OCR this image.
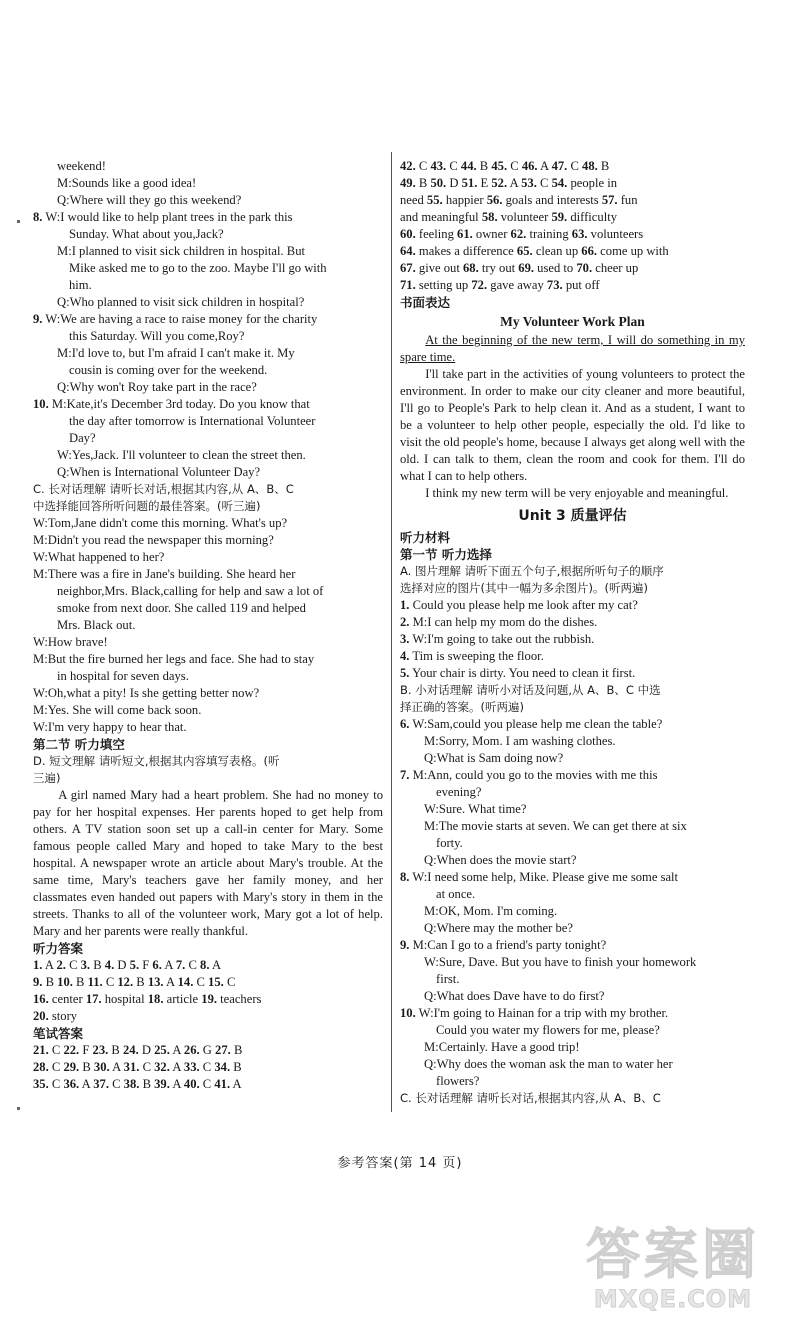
weekend!
M:Sounds like a good idea!
Q:Where will they go this weekend?
8. W:I would like to help plant trees in the park this
Sunday. What about you,Jack?
M:I planned to visit sick children in hospital. But
Mike asked me to go to the zoo. Maybe I'll go with
him.
Q:Who planned to visit sick children in hospital?
9. W:We are having a race to raise money for the charity
this Saturday. Will you come,Roy?
M:I'd love to, but I'm afraid I can't make it. My
cousin is coming over for the weekend.
Q:Why won't Roy take part in the race?
10. M:Kate,it's December 3rd today. Do you know that
the day after tomorrow is International Volunteer
Day?
W:Yes,Jack. I'll volunteer to clean the street then.
Q:When is International Volunteer Day?
C. 长对话理解 请听长对话,根据其内容,从 A、B、C
中选择能回答所听问题的最佳答案。(听三遍)
W:Tom,Jane didn't come this morning. What's up?
M:Didn't you read the newspaper this morning?
W:What happened to her?
M:There was a fire in Jane's building. She heard her
neighbor,Mrs. Black,calling for help and saw a lot of
smoke from next door. She called 119 and helped
Mrs. Black out.
W:How brave!
M:But the fire burned her legs and face. She had to stay
in hospital for seven days.
W:Oh,what a pity! Is she getting better now?
M:Yes. She will come back soon.
W:I'm very happy to hear that.
第二节 听力填空
D. 短文理解 请听短文,根据其内容填写表格。(听
三遍)
A girl named Mary had a heart problem. She had no money to pay for her hospital expenses. Her parents hoped to get help from others. A TV station soon set up a call-in center for Mary. Some famous people called Mary and hoped to take Mary to the best hospital. A newspaper wrote an article about Mary's trouble. At the same time, Mary's teachers gave her family money, and her classmates even handed out papers with Mary's story in them in the streets. Thanks to all of the volunteer work, Mary got a lot of help. Mary and her parents were really thankful.
听力答案
1. A 2. C 3. B 4. D 5. F 6. A 7. C 8. A
9. B 10. B 11. C 12. B 13. A 14. C 15. C
16. center 17. hospital 18. article 19. teachers
20. story
笔试答案
21. C 22. F 23. B 24. D 25. A 26. G 27. B
28. C 29. B 30. A 31. C 32. A 33. C 34. B
35. C 36. A 37. C 38. B 39. A 40. C 41. A
42. C 43. C 44. B 45. C 46. A 47. C 48. B
49. B 50. D 51. E 52. A 53. C 54. people in
need 55. happier 56. goals and interests 57. fun
and meaningful 58. volunteer 59. difficulty
60. feeling 61. owner 62. training 63. volunteers
64. makes a difference 65. clean up 66. come up with
67. give out 68. try out 69. used to 70. cheer up
71. setting up 72. gave away 73. put off
书面表达
My Volunteer Work Plan
At the beginning of the new term, I will do something in my spare time.
I'll take part in the activities of young volunteers to protect the environment. In order to make our city cleaner and more beautiful, I'll go to People's Park to help clean it. And as a student, I want to be a volunteer to help other people, especially the old. I'd like to visit the old people's home, because I always get along well with the old. I can talk to them, clean the room and cook for them. I'll do what I can to help others.
I think my new term will be very enjoyable and meaningful.
Unit 3 质量评估
听力材料
第一节 听力选择
A. 图片理解 请听下面五个句子,根据所听句子的顺序
选择对应的图片(其中一幅为多余图片)。(听两遍)
1. Could you please help me look after my cat?
2. M:I can help my mom do the dishes.
3. W:I'm going to take out the rubbish.
4. Tim is sweeping the floor.
5. Your chair is dirty. You need to clean it first.
B. 小对话理解 请听小对话及问题,从 A、B、C 中选
择正确的答案。(听两遍)
6. W:Sam,could you please help me clean the table?
M:Sorry, Mom. I am washing clothes.
Q:What is Sam doing now?
7. M:Ann, could you go to the movies with me this
evening?
W:Sure. What time?
M:The movie starts at seven. We can get there at six
forty.
Q:When does the movie start?
8. W:I need some help, Mike. Please give me some salt
at once.
M:OK, Mom. I'm coming.
Q:Where may the mother be?
9. M:Can I go to a friend's party tonight?
W:Sure, Dave. But you have to finish your homework
first.
Q:What does Dave have to do first?
10. W:I'm going to Hainan for a trip with my brother.
Could you water my flowers for me, please?
M:Certainly. Have a good trip!
Q:Why does the woman ask the man to water her
flowers?
C. 长对话理解 请听长对话,根据其内容,从 A、B、C
参考答案(第 14 页)
答案圈
MXQE.COM
